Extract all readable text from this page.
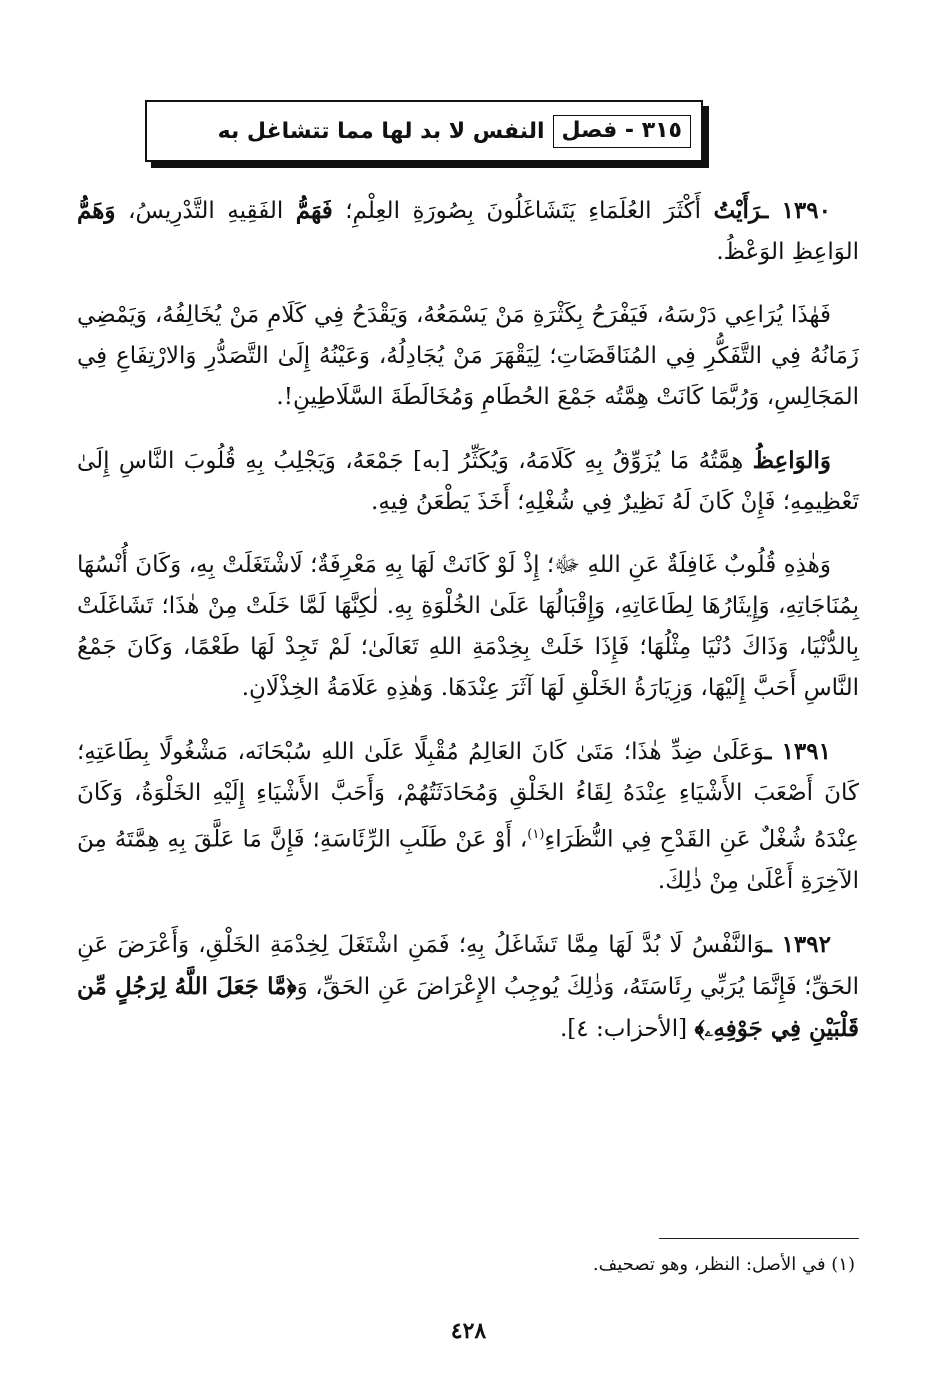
٣١٥ - فصل
النفس لا بد لها مما تتشاغل به

١٣٩٠ ـرَأَيْتُ أَكْثَرَ العُلَمَاءِ يَتَشَاغَلُونَ بِصُورَةِ العِلْمِ؛ فَهَمُّ الفَقِيهِ التَّدْرِيسُ، وَهَمُّ الوَاعِظِ الوَعْظُ.

فَهٰذَا يُرَاعِي دَرْسَهُ، فَيَفْرَحُ بِكَثْرَةِ مَنْ يَسْمَعُهُ، وَيَقْدَحُ فِي كَلَامِ مَنْ يُخَالِفُهُ، وَيَمْضِي زَمَانُهُ فِي التَّفَكُّرِ فِي المُنَاقَضَاتِ؛ لِيَقْهَرَ مَنْ يُجَادِلُهُ، وَعَيْنُهُ إِلَىٰ التَّصَدُّرِ وَالارْتِفَاعِ فِي المَجَالِسِ، وَرُبَّمَا كَانَتْ هِمَّتُه جَمْعَ الحُطَامِ وَمُخَالَطَةَ السَّلَاطِينِ!.

وَالوَاعِظُ هِمَّتُهُ مَا يُزَوِّقُ بِهِ كَلَامَهُ، وَيُكَثِّرُ [به] جَمْعَهُ، وَيَجْلِبُ بِهِ قُلُوبَ النَّاسِ إِلَىٰ تَعْظِيمِهِ؛ فَإِنْ كَانَ لَهُ نَظِيرٌ فِي شُغْلِهِ؛ أَخَذَ يَطْعَنُ فِيهِ.

وَهٰذِهِ قُلُوبٌ غَافِلَةٌ عَنِ اللهِ ﷻ؛ إِذْ لَوْ كَانَتْ لَهَا بِهِ مَعْرِفَةٌ؛ لَاشْتَغَلَتْ بِهِ، وَكَانَ أُنْسُهَا بِمُنَاجَاتِهِ، وَإِيثَارُهَا لِطَاعَاتِهِ، وَإِقْبَالُهَا عَلَىٰ الخُلْوَةِ بِهِ. لٰكِنَّهَا لَمَّا خَلَتْ مِنْ هٰذَا؛ تَشَاغَلَتْ بِالدُّنْيَا، وَذَاكَ دُنْيَا مِثْلُهَا؛ فَإِذَا خَلَتْ بِخِدْمَةِ اللهِ تَعَالَىٰ؛ لَمْ تَجِدْ لَهَا طَعْمًا، وَكَانَ جَمْعُ النَّاسِ أَحَبَّ إِلَيْهَا، وَزِيَارَةُ الخَلْقِ لَهَا آثَرَ عِنْدَهَا. وَهٰذِهِ عَلَامَةُ الخِذْلَانِ.

١٣٩١ ـوَعَلَىٰ ضِدِّ هٰذَا؛ مَتَىٰ كَانَ العَالِمُ مُقْبِلًا عَلَىٰ اللهِ سُبْحَانَه، مَشْغُولًا بِطَاعَتِهِ؛ كَانَ أَصْعَبَ الأَشْيَاءِ عِنْدَهُ لِقَاءُ الخَلْقِ وَمُحَادَثَتُهُمْ، وَأَحَبَّ الأَشْيَاءِ إِلَيْهِ الخَلْوَةُ، وَكَانَ عِنْدَهُ شُغْلٌ عَنِ القَدْحِ فِي النُّظَرَاءِ$^{(١)}$، أَوْ عَنْ طَلَبِ الرِّئَاسَةِ؛ فَإِنَّ مَا عَلَّقَ بِهِ هِمَّتَهُ مِنَ الآخِرَةِ أَعْلَىٰ مِنْ ذٰلِكَ.

١٣٩٢ ـوَالنَّفْسُ لَا بُدَّ لَهَا مِمَّا تَشَاغَلُ بِهِ؛ فَمَنِ اشْتَغَلَ لِخِدْمَةِ الخَلْقِ، وَأَعْرَضَ عَنِ الحَقِّ؛ فَإِنَّمَا يُرَبِّي رِئَاسَتَهُ، وَذٰلِكَ يُوجِبُ الإِعْرَاضَ عَنِ الحَقِّ، وَ﴿مَّا جَعَلَ اللَّهُ لِرَجُلٍ مِّن قَلْبَيْنِ فِي جَوْفِهِۦ﴾ [الأحزاب: ٤].

(١) في الأصل: النظر، وهو تصحيف.
٤٢٨
